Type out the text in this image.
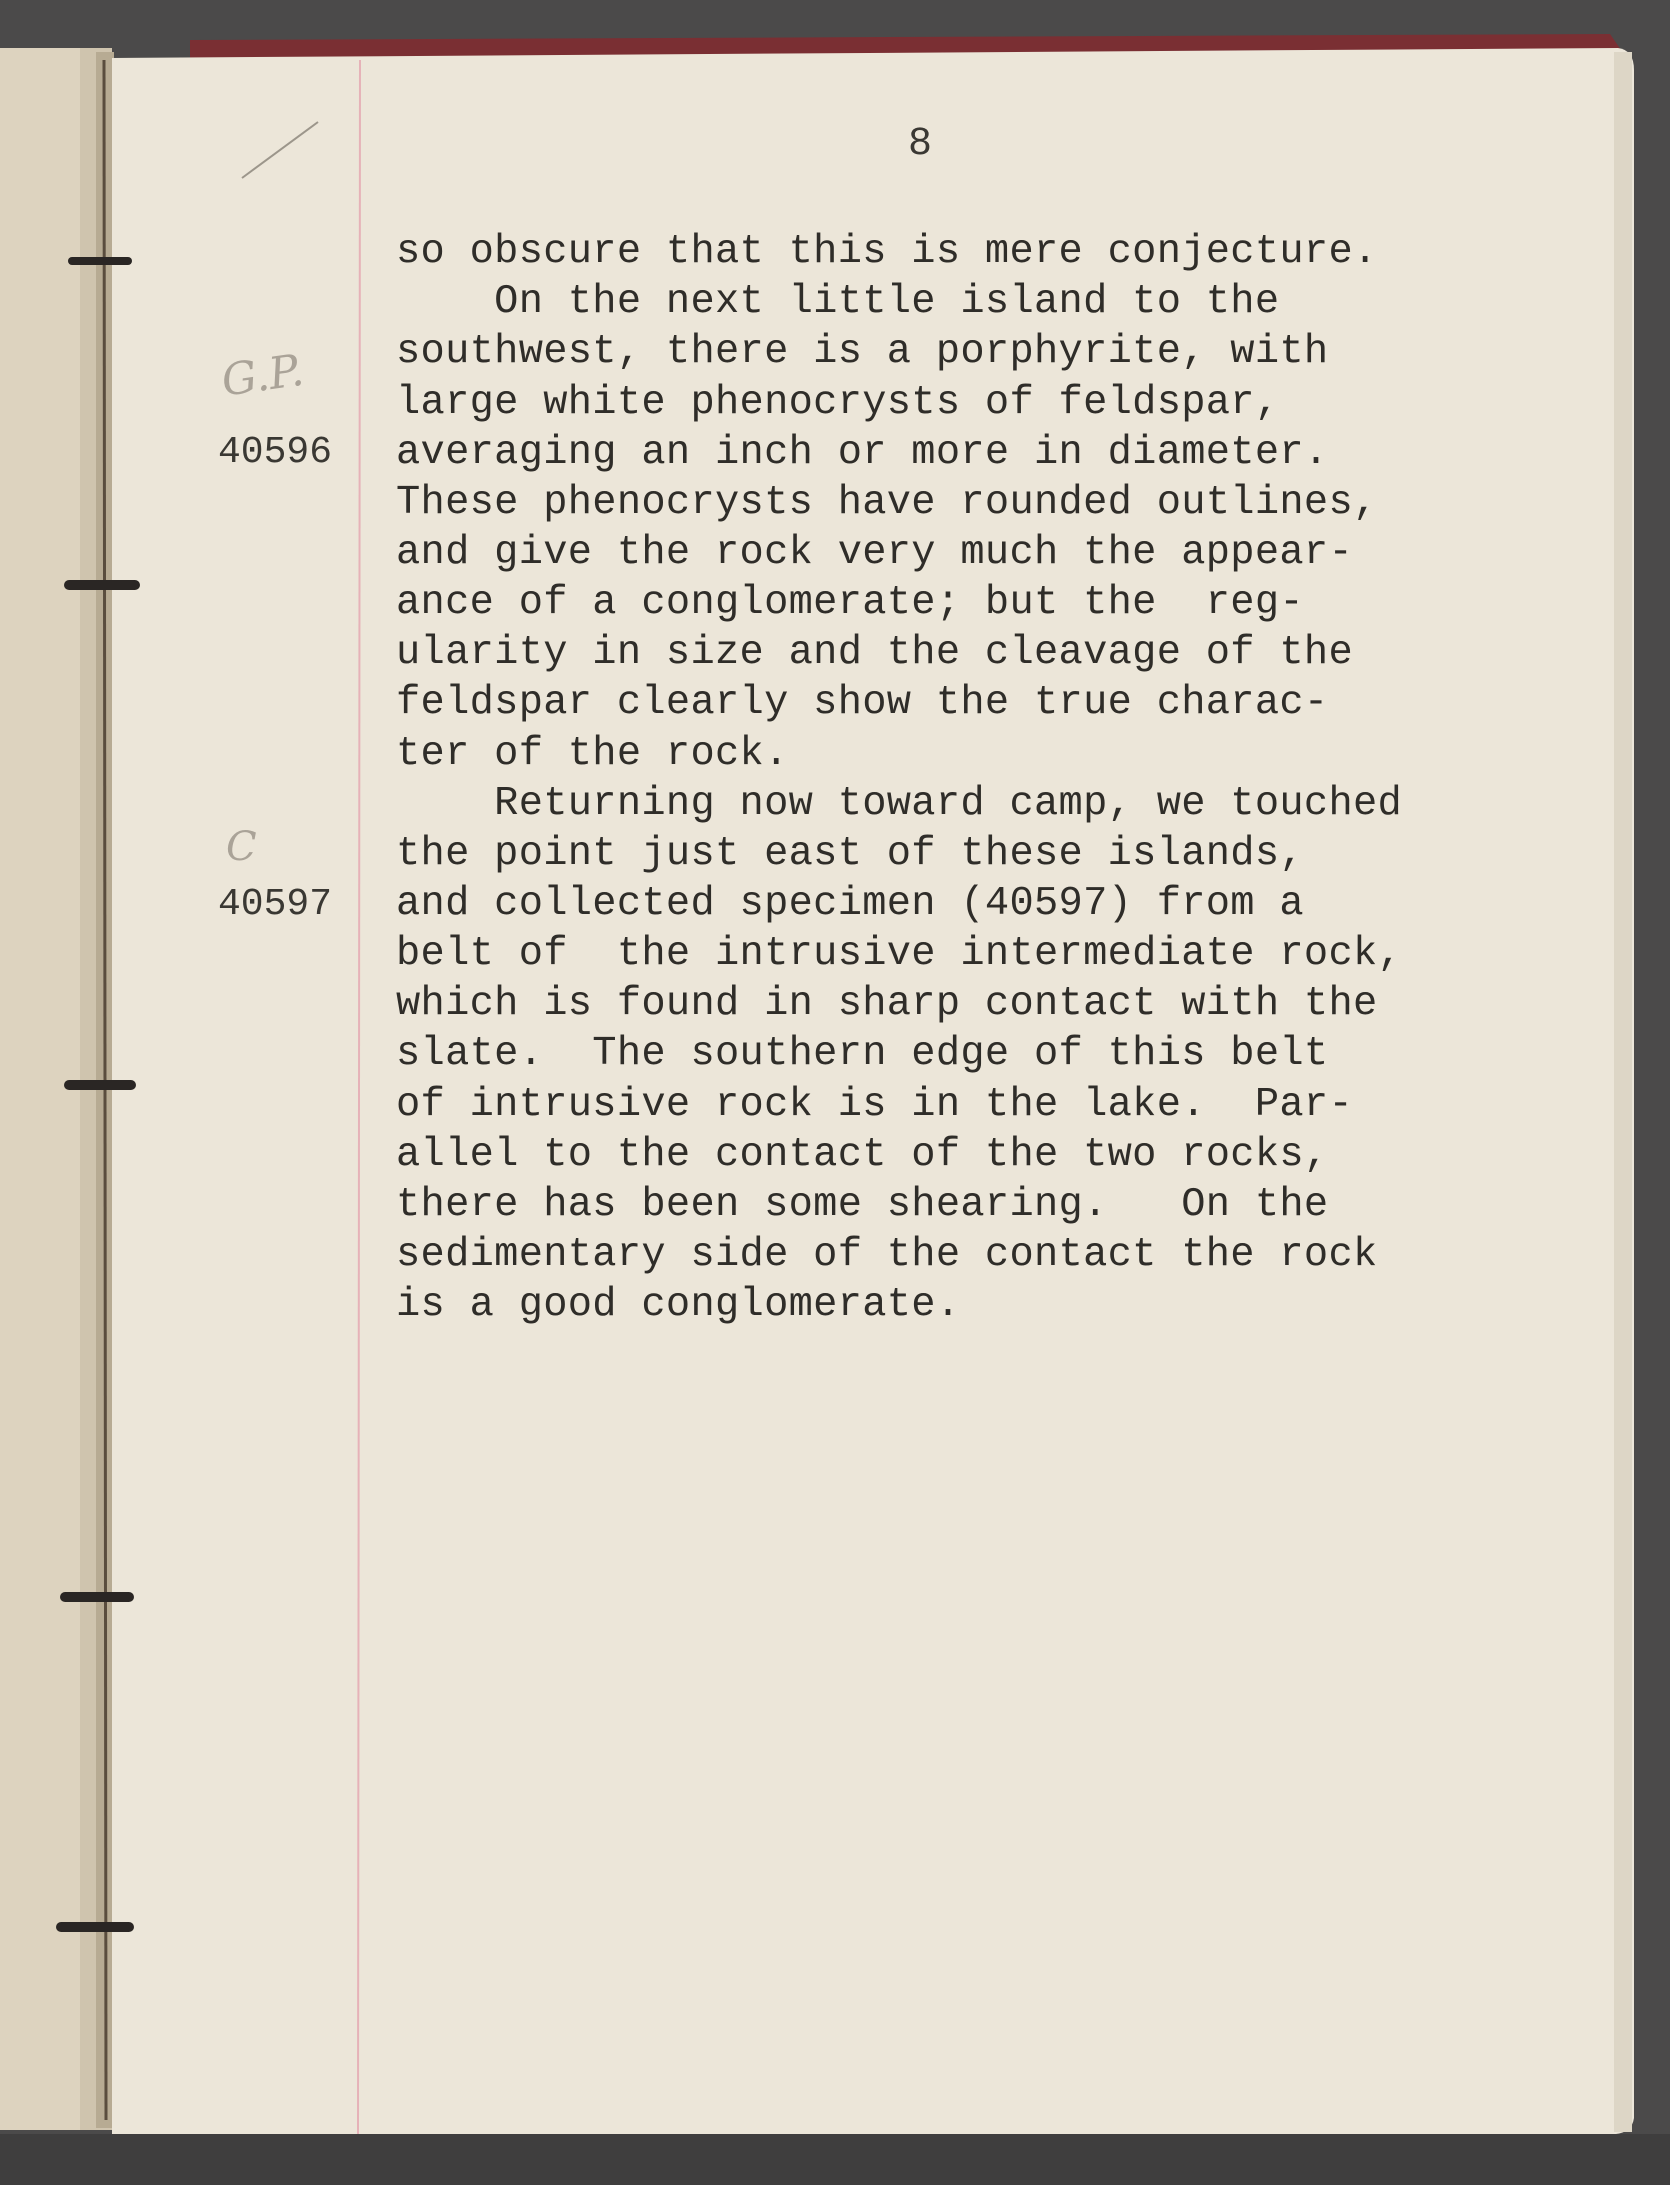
G.P.
C
8

40596

40597

so obscure that this is mere conjecture.

On the next little island to the

southwest, there is a porphyrite, with

large white phenocrysts of feldspar,

averaging an inch or more in diameter.

These phenocrysts have rounded outlines,

and give the rock very much the appear-

ance of a conglomerate; but the  reg-

ularity in size and the cleavage of the

feldspar clearly show the true charac-

ter of the rock.

Returning now toward camp, we touched

the point just east of these islands,

and collected specimen (40597) from a

belt of  the intrusive intermediate rock,

which is found in sharp contact with the

slate.  The southern edge of this belt

of intrusive rock is in the lake.  Par-

allel to the contact of the two rocks,

there has been some shearing.   On the

sedimentary side of the contact the rock

is a good conglomerate.
